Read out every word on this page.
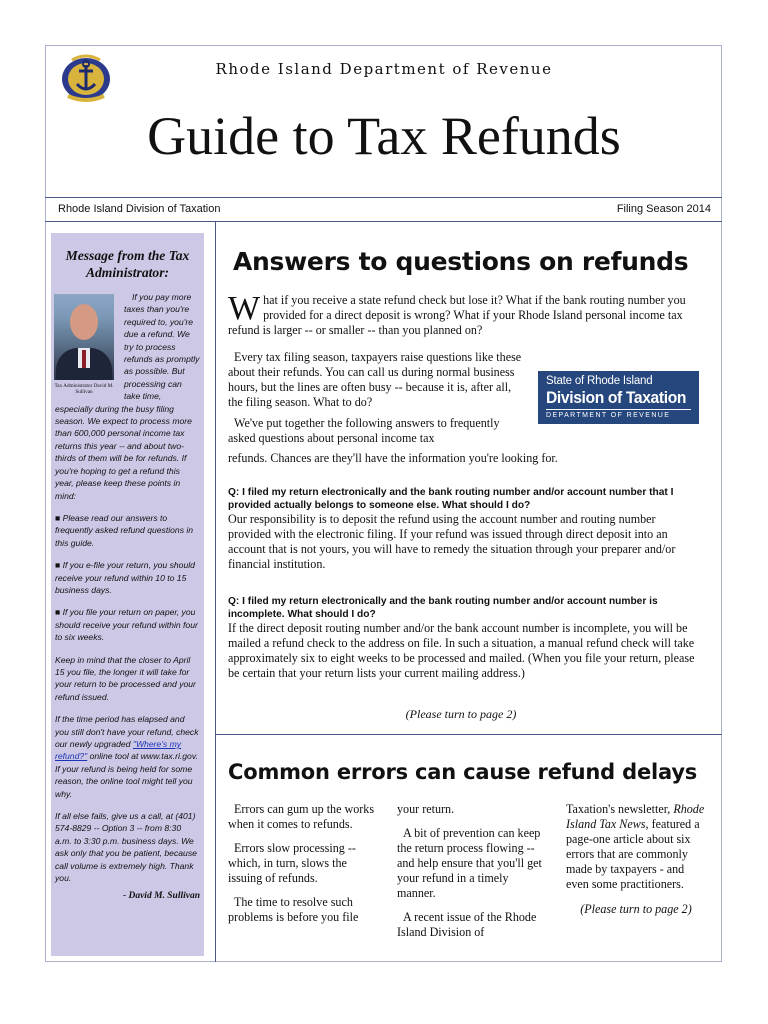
Rhode Island Department of Revenue
Guide to Tax Refunds
Rhode Island Division of Taxation	Filing Season 2014
Message from the Tax Administrator:
Tax Administrator David M. Sullivan

If you pay more taxes than you're required to, you're due a refund. We try to process refunds as promptly as possible. But processing can take time, especially during the busy filing season. We expect to process more than 600,000 personal income tax returns this year -- and about two-thirds of them will be for refunds. If you're hoping to get a refund this year, please keep these points in mind:

■ Please read our answers to frequently asked refund questions in this guide.

■ If you e-file your return, you should receive your refund within 10 to 15 business days.

■ If you file your return on paper, you should receive your refund within four to six weeks.

Keep in mind that the closer to April 15 you file, the longer it will take for your return to be processed and your refund issued.

If the time period has elapsed and you still don't have your refund, check our newly upgraded "Where's my refund?" online tool at www.tax.ri.gov. If your refund is being held for some reason, the online tool might tell you why.

If all else fails, give us a call, at (401) 574-8829 -- Option 3 -- from 8:30 a.m. to 3:30 p.m. business days. We ask only that you be patient, because call volume is extremely high. Thank you.

- David M. Sullivan
Answers to questions on refunds
What if you receive a state refund check but lose it? What if the bank routing number you provided for a direct deposit is wrong? What if your Rhode Island personal income tax refund is larger -- or smaller -- than you planned on?

Every tax filing season, taxpayers raise questions like these about their refunds. You can call us during normal business hours, but the lines are often busy -- because it is, after all, the filing season. What to do?

We've put together the following answers to frequently asked questions about personal income tax

State of Rhode Island
Division of Taxation
DEPARTMENT OF REVENUE
refunds. Chances are they'll have the information you're looking for.
Q: I filed my return electronically and the bank routing number and/or account number that I provided actually belongs to someone else. What should I do?
Our responsibility is to deposit the refund using the account number and routing number provided with the electronic filing. If your refund was issued through direct deposit into an account that is not yours, you will have to remedy the situation through your preparer and/or financial institution.
Q: I filed my return electronically and the bank routing number and/or account number is incomplete. What should I do?
If the direct deposit routing number and/or the bank account number is incomplete, you will be mailed a refund check to the address on file. In such a situation, a manual refund check will take approximately six to eight weeks to be processed and mailed. (When you file your return, please be certain that your return lists your current mailing address.)
(Please turn to page 2)
Common errors can cause refund delays

Errors can gum up the works when it comes to refunds.

Errors slow processing -- which, in turn, slows the issuing of refunds.

The time to resolve such problems is before you file

your return.

A bit of prevention can keep the return process flowing -- and help ensure that you'll get your refund in a timely manner.

A recent issue of the Rhode Island Division of

Taxation's newsletter, Rhode Island Tax News, featured a page-one article about six errors that are commonly made by taxpayers - and even some practitioners.

(Please turn to page 2)
